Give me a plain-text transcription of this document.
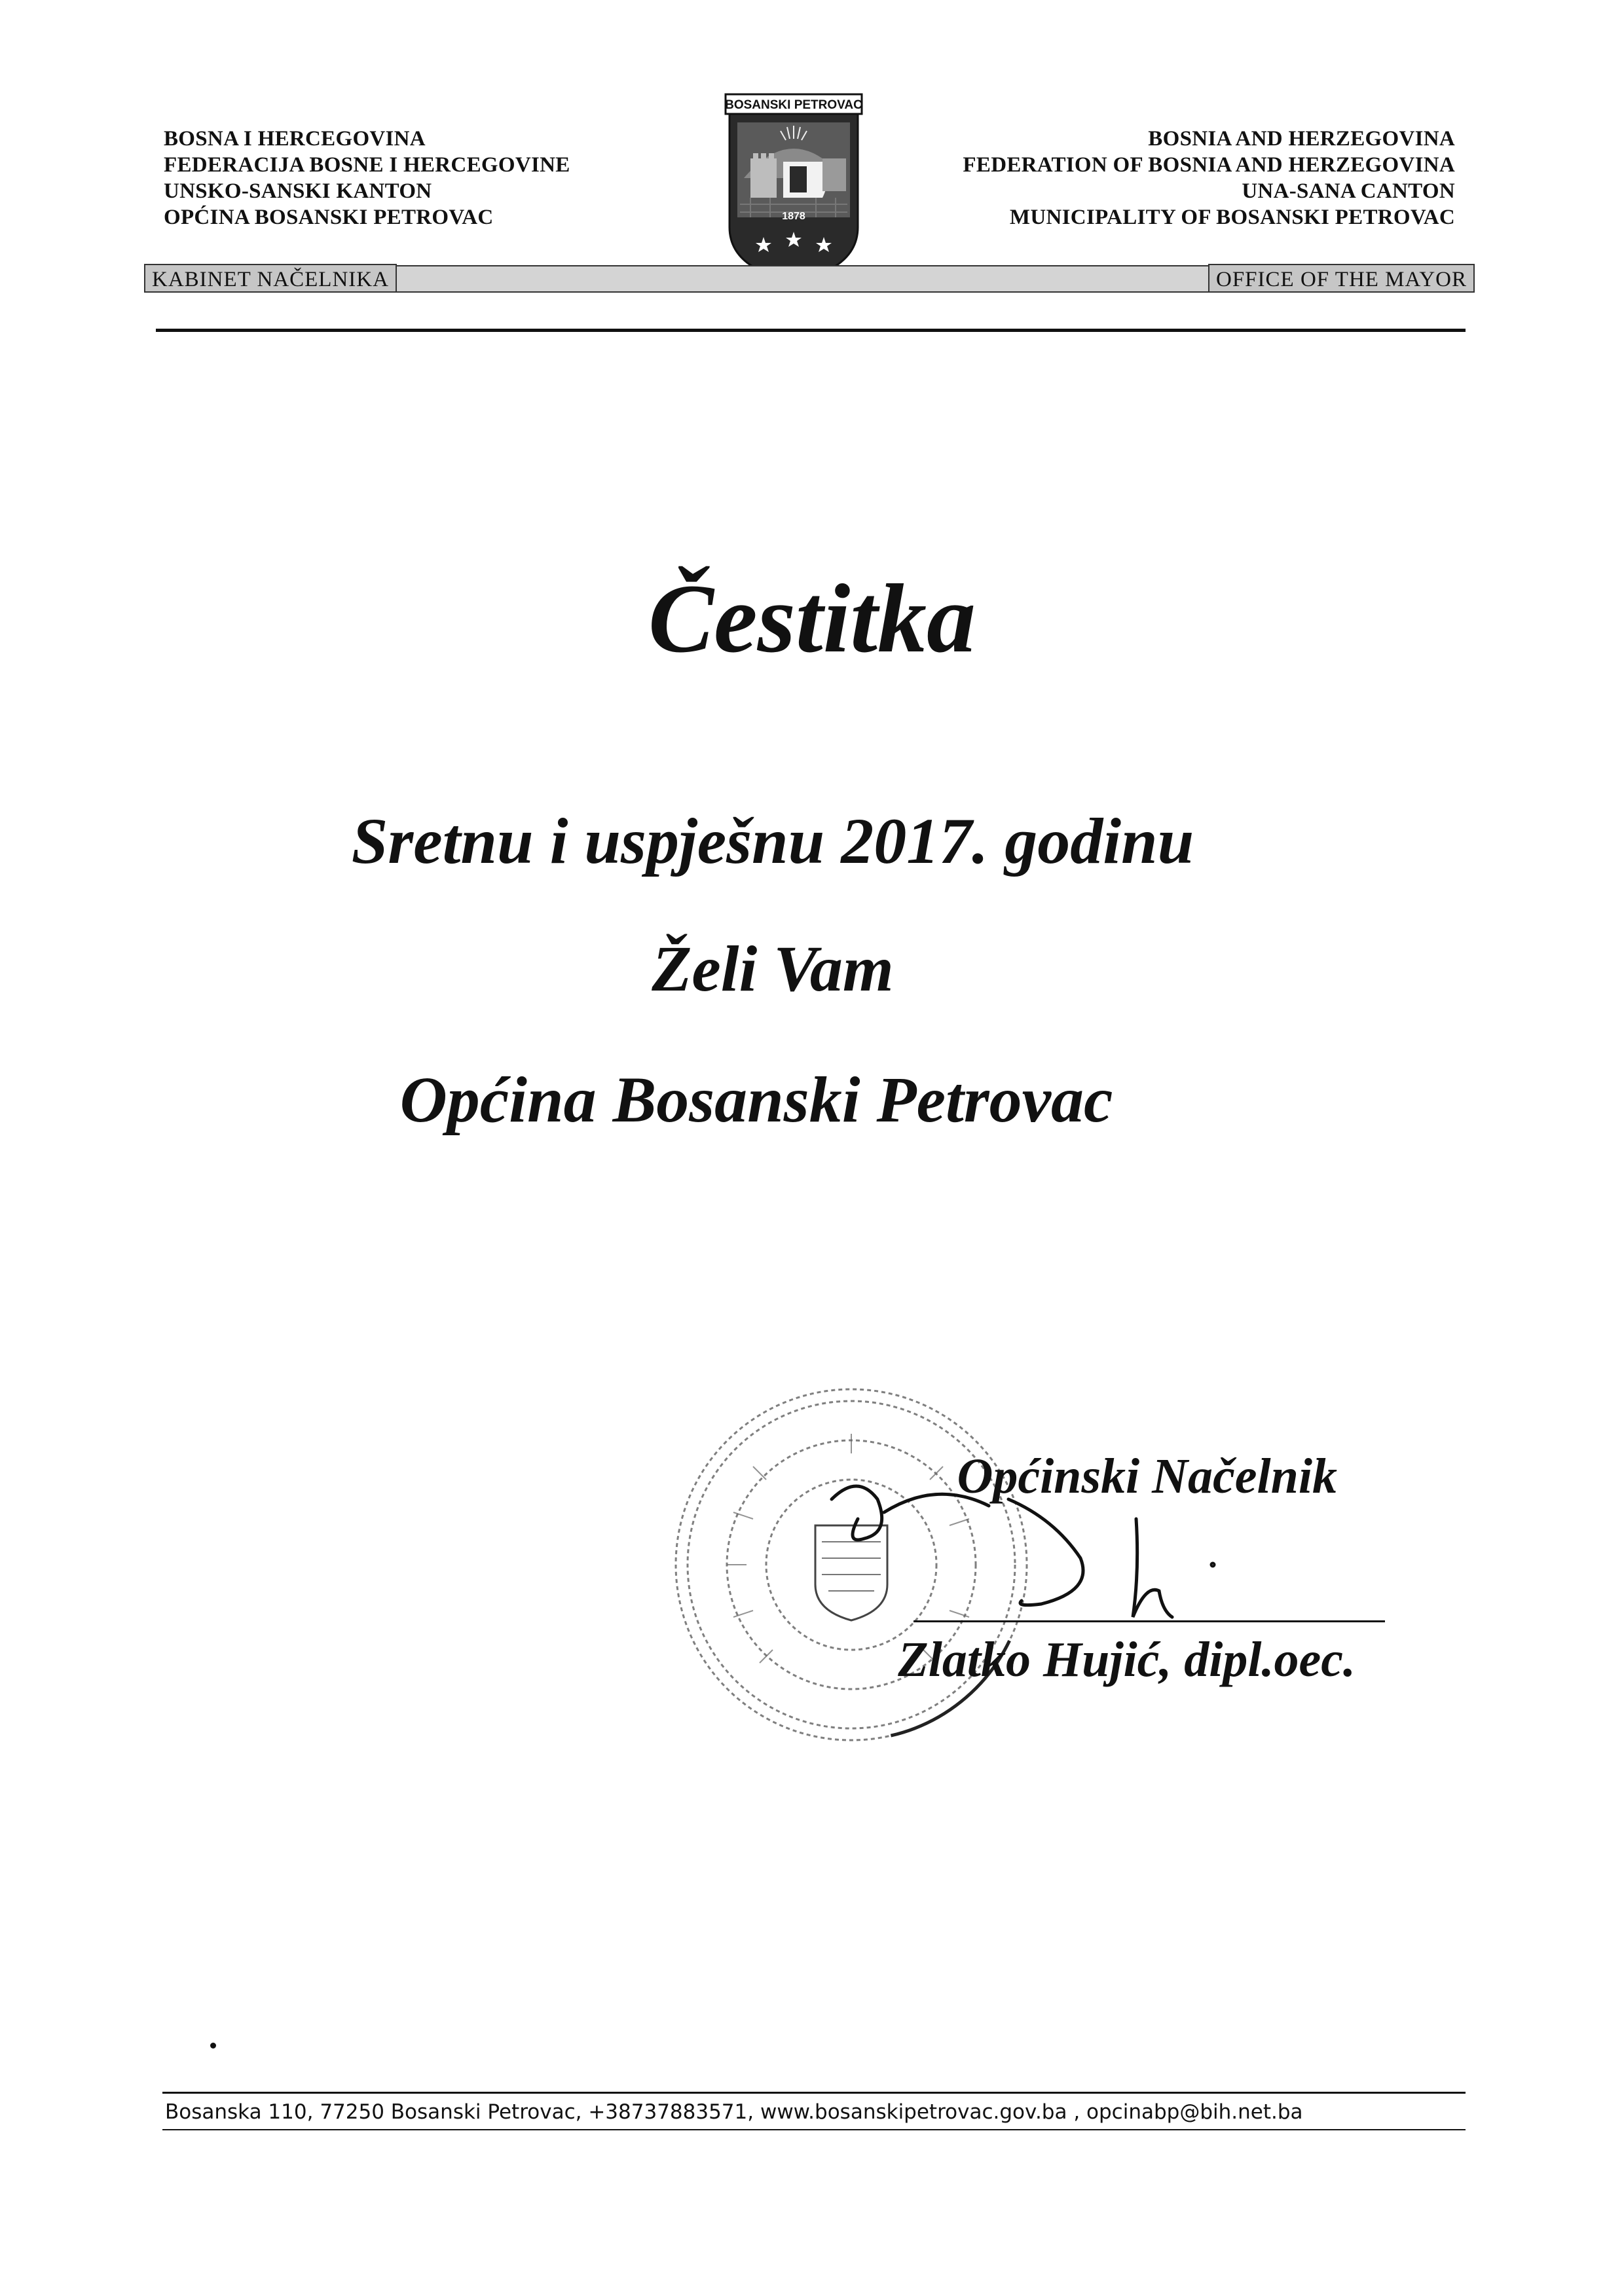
BOSNA I HERCEGOVINA
FEDERACIJA BOSNE I HERCEGOVINE
UNSKO-SANSKI KANTON
OPĆINA BOSANSKI PETROVAC
BOSANSKI PETROVAC
1878
BOSNIA AND HERZEGOVINA
FEDERATION OF BOSNIA AND HERZEGOVINA
UNA-SANA CANTON
MUNICIPALITY OF BOSANSKI PETROVAC
KABINET NAČELNIKA	OFFICE OF THE MAYOR
Čestitka
Sretnu i uspješnu 2017. godinu
Želi Vam
Općina Bosanski Petrovac
Općinski Načelnik
Zlatko Hujić, dipl.oec.
Bosanska 110, 77250 Bosanski Petrovac, +38737883571, www.bosanskipetrovac.gov.ba , opcinabp@bih.net.ba
